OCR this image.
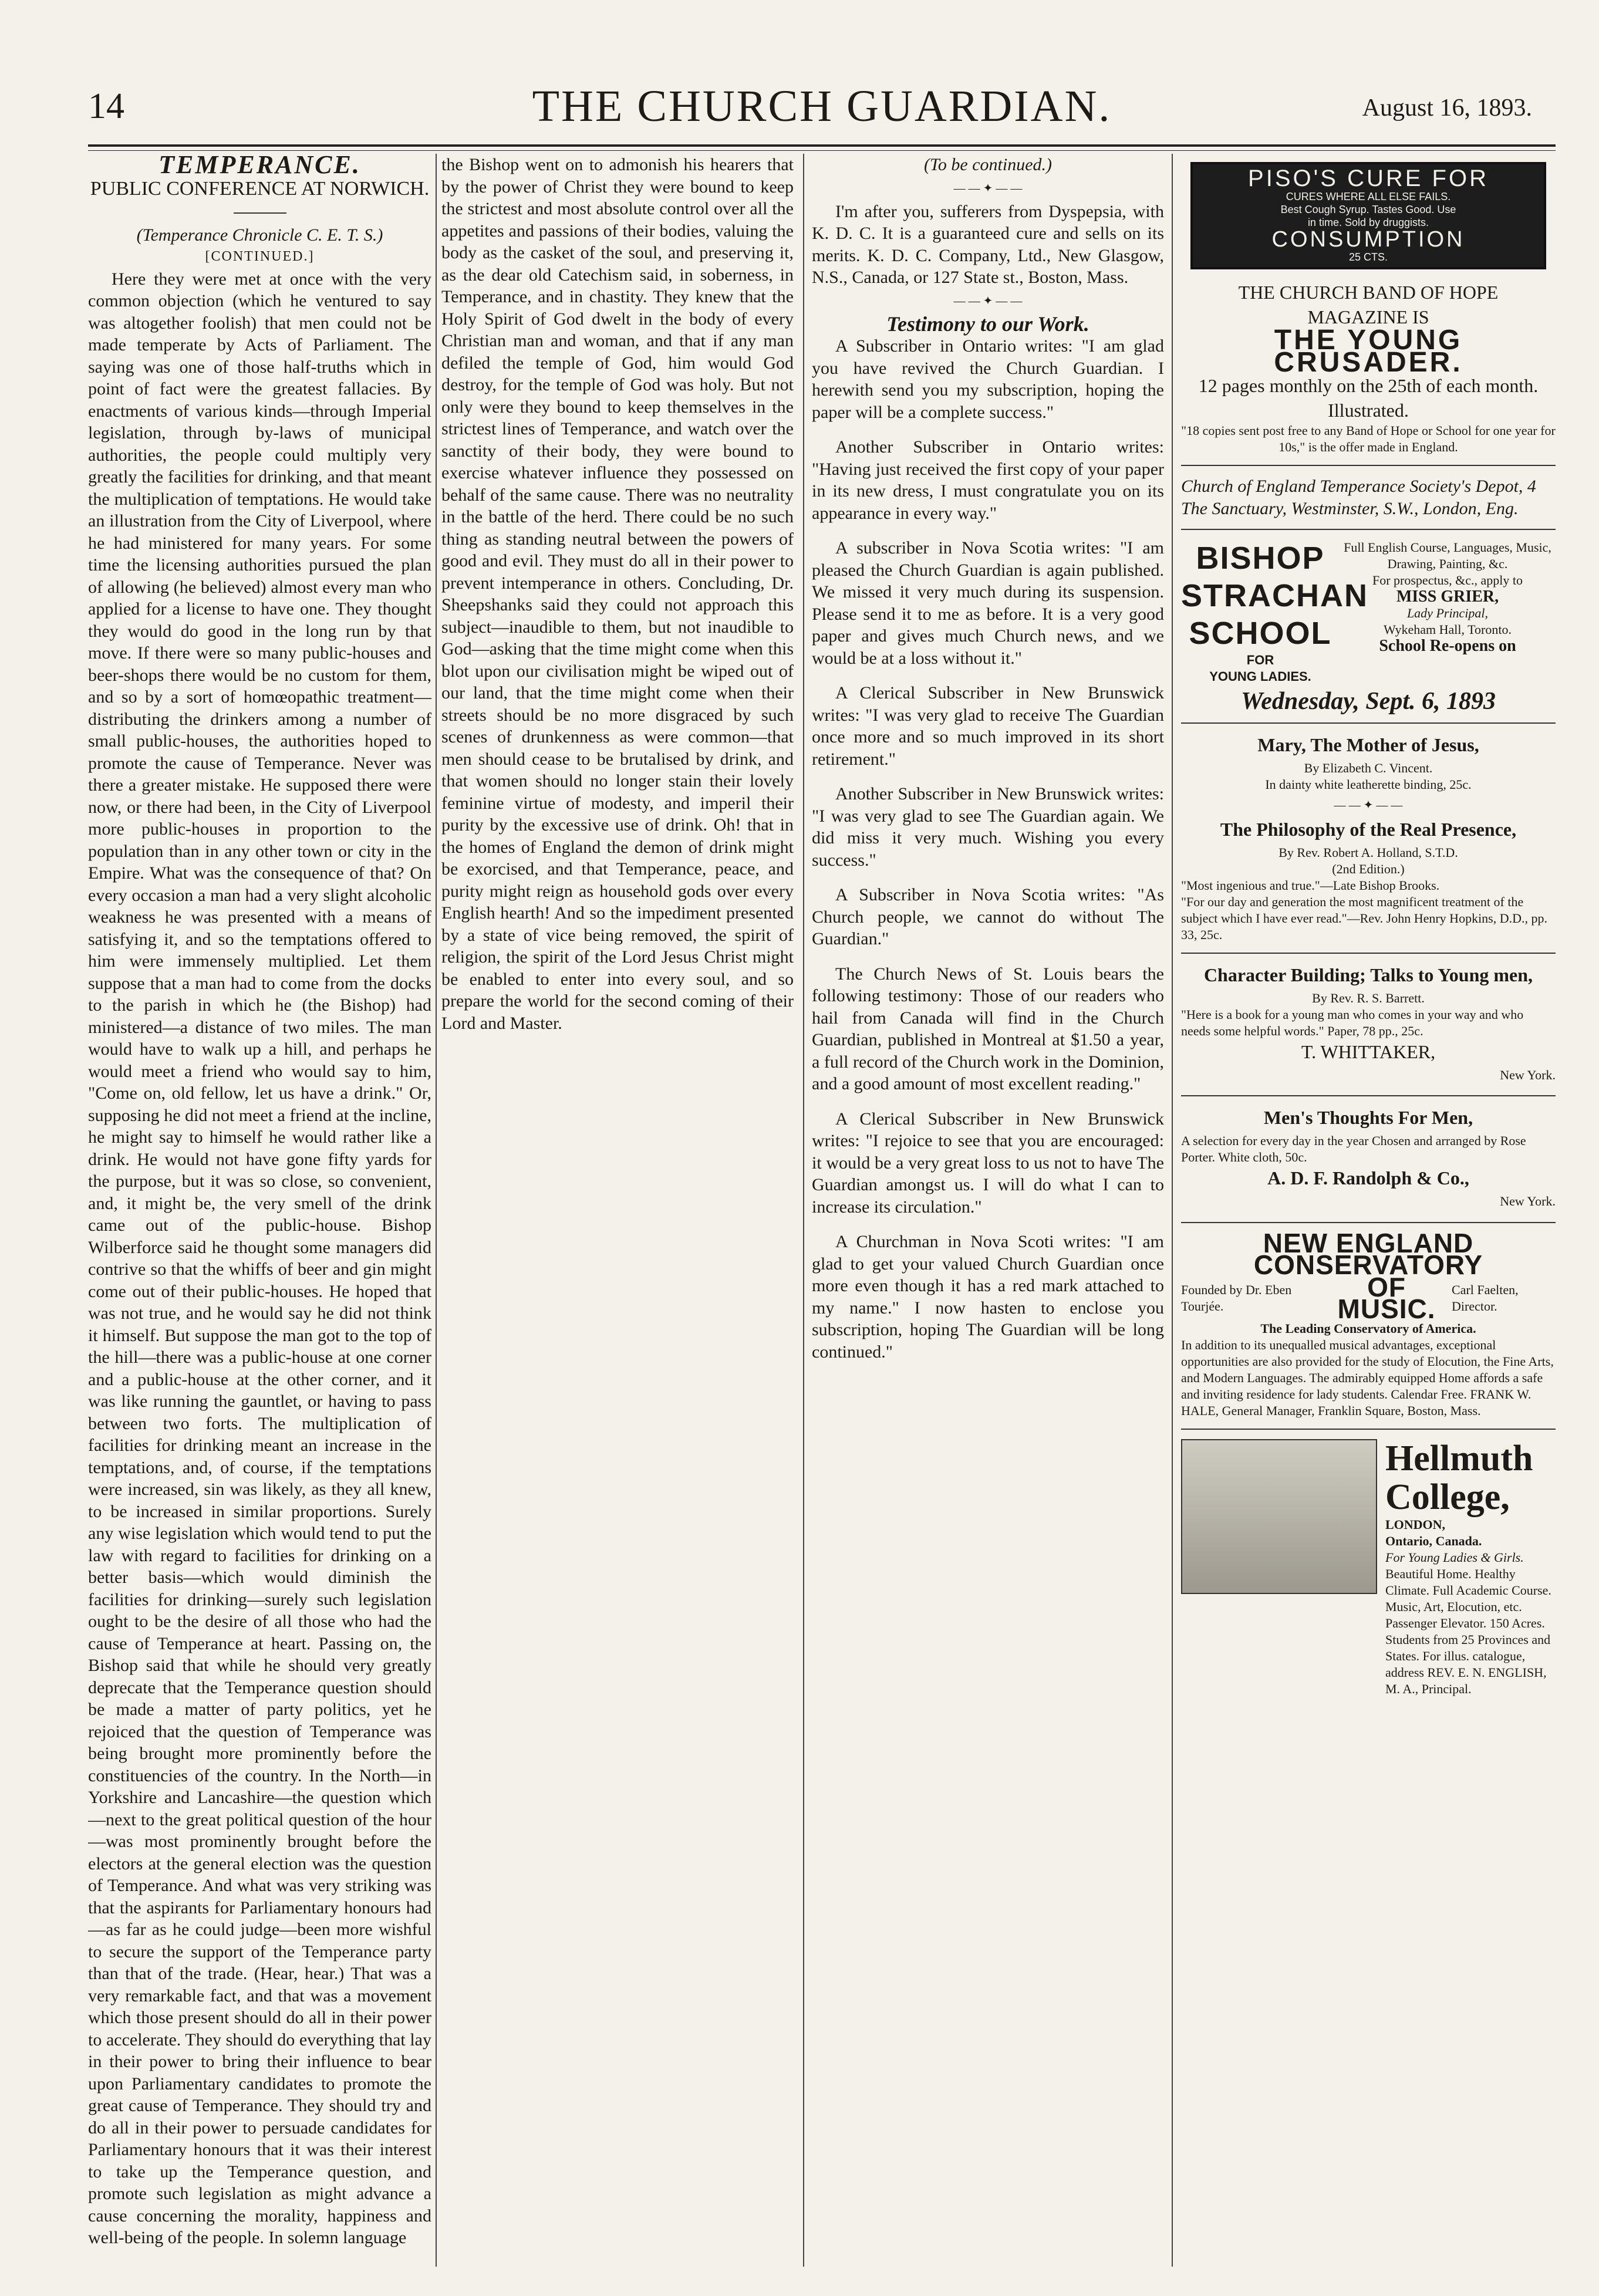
14	THE CHURCH GUARDIAN.	August 16, 1893.

TEMPERANCE.

PUBLIC CONFERENCE AT NORWICH.

(Temperance Chronicle C. E. T. S.)

[CONTINUED.]

Here they were met at once with the very common objection (which he ventured to say was altogether foolish) that men could not be made temperate by Acts of Parliament. The saying was one of those half-truths which in point of fact were the greatest fallacies. By enactments of various kinds—through Imperial legislation, through by-laws of municipal authorities, the people could multiply very greatly the facilities for drinking, and that meant the multiplication of temptations. He would take an illustration from the City of Liverpool, where he had ministered for many years. For some time the licensing authorities pursued the plan of allowing (he believed) almost every man who applied for a license to have one. They thought they would do good in the long run by that move. If there were so many public-houses and beer-shops there would be no custom for them, and so by a sort of homœopathic treatment—distributing the drinkers among a number of small public-houses, the authorities hoped to promote the cause of Temperance. Never was there a greater mistake. He supposed there were now, or there had been, in the City of Liverpool more public-houses in proportion to the population than in any other town or city in the Empire. What was the consequence of that? On every occasion a man had a very slight alcoholic weakness he was presented with a means of satisfying it, and so the temptations offered to him were immensely multiplied. Let them suppose that a man had to come from the docks to the parish in which he (the Bishop) had ministered—a distance of two miles. The man would have to walk up a hill, and perhaps he would meet a friend who would say to him, "Come on, old fellow, let us have a drink." Or, supposing he did not meet a friend at the incline, he might say to himself he would rather like a drink. He would not have gone fifty yards for the purpose, but it was so close, so convenient, and, it might be, the very smell of the drink came out of the public-house. Bishop Wilberforce said he thought some managers did contrive so that the whiffs of beer and gin might come out of their public-houses. He hoped that was not true, and he would say he did not think it himself. But suppose the man got to the top of the hill—there was a public-house at one corner and a public-house at the other corner, and it was like running the gauntlet, or having to pass between two forts. The multiplication of facilities for drinking meant an increase in the temptations, and, of course, if the temptations were increased, sin was likely, as they all knew, to be increased in similar proportions. Surely any wise legislation which would tend to put the law with regard to facilities for drinking on a better basis—which would diminish the facilities for drinking—surely such legislation ought to be the desire of all those who had the cause of Temperance at heart. Passing on, the Bishop said that while he should very greatly deprecate that the Temperance question should be made a matter of party politics, yet he rejoiced that the question of Temperance was being brought more prominently before the constituencies of the country. In the North—in Yorkshire and Lancashire—the question which—next to the great political question of the hour—was most prominently brought before the electors at the general election was the question of Temperance. And what was very striking was that the aspirants for Parliamentary honours had—as far as he could judge—been more wishful to secure the support of the Temperance party than that of the trade. (Hear, hear.) That was a very remarkable fact, and that was a movement which those present should do all in their power to accelerate. They should do everything that lay in their power to bring their influence to bear upon Parliamentary candidates to promote the great cause of Temperance. They should try and do all in their power to persuade candidates for Parliamentary honours that it was their interest to take up the Temperance question, and promote such legislation as might advance a cause concerning the morality, happiness and well-being of the people. In solemn language

the Bishop went on to admonish his hearers that by the power of Christ they were bound to keep the strictest and most absolute control over all the appetites and passions of their bodies, valuing the body as the casket of the soul, and preserving it, as the dear old Catechism said, in soberness, in Temperance, and in chastity. They knew that the Holy Spirit of God dwelt in the body of every Christian man and woman, and that if any man defiled the temple of God, him would God destroy, for the temple of God was holy. But not only were they bound to keep themselves in the strictest lines of Temperance, and watch over the sanctity of their body, they were bound to exercise whatever influence they possessed on behalf of the same cause. There was no neutrality in the battle of the herd. There could be no such thing as standing neutral between the powers of good and evil. They must do all in their power to prevent intemperance in others. Concluding, Dr. Sheepshanks said they could not approach this subject—inaudible to them, but not inaudible to God—asking that the time might come when this blot upon our civilisation might be wiped out of our land, that the time might come when their streets should be no more disgraced by such scenes of drunkenness as were common—that men should cease to be brutalised by drink, and that women should no longer stain their lovely feminine virtue of modesty, and imperil their purity by the excessive use of drink. Oh! that in the homes of England the demon of drink might be exorcised, and that Temperance, peace, and purity might reign as household gods over every English hearth! And so the impediment presented by a state of vice being removed, the spirit of religion, the spirit of the Lord Jesus Christ might be enabled to enter into every soul, and so prepare the world for the second coming of their Lord and Master.

(To be continued.)

— — ✦ — —

I'm after you, sufferers from Dyspepsia, with K. D. C. It is a guaranteed cure and sells on its merits. K. D. C. Company, Ltd., New Glasgow, N.S., Canada, or 127 State st., Boston, Mass.

— — ✦ — —

Testimony to our Work.

A Subscriber in Ontario writes: "I am glad you have revived the Church Guardian. I herewith send you my subscription, hoping the paper will be a complete success."

Another Subscriber in Ontario writes: "Having just received the first copy of your paper in its new dress, I must congratulate you on its appearance in every way."

A subscriber in Nova Scotia writes: "I am pleased the Church Guardian is again published. We missed it very much during its suspension. Please send it to me as before. It is a very good paper and gives much Church news, and we would be at a loss without it."

A Clerical Subscriber in New Brunswick writes: "I was very glad to receive The Guardian once more and so much improved in its short retirement."

Another Subscriber in New Brunswick writes: "I was very glad to see The Guardian again. We did miss it very much. Wishing you every success."

A Subscriber in Nova Scotia writes: "As Church people, we cannot do without The Guardian."

The Church News of St. Louis bears the following testimony: Those of our readers who hail from Canada will find in the Church Guardian, published in Montreal at $1.50 a year, a full record of the Church work in the Dominion, and a good amount of most excellent reading."

A Clerical Subscriber in New Brunswick writes: "I rejoice to see that you are encouraged: it would be a very great loss to us not to have The Guardian amongst us. I will do what I can to increase its circulation."

A Churchman in Nova Scoti writes: "I am glad to get your valued Church Guardian once more even though it has a red mark attached to my name." I now hasten to enclose you subscription, hoping The Guardian will be long continued."

PISO'S CURE FOR
CURES WHERE ALL ELSE FAILS.
Best Cough Syrup. Tastes Good. Use
in time. Sold by druggists.
CONSUMPTION
25 CTS.
THE CHURCH BAND OF HOPE
MAGAZINE IS
THE YOUNG CRUSADER.
12 pages monthly on the 25th of each month. Illustrated.
"18 copies sent post free to any Band of Hope or School for one year for 10s," is the offer made in England.
Church of England Temperance Society's Depot, 4 The Sanctuary, Westminster, S.W., London, Eng.
BISHOP
STRACHAN
SCHOOL
FOR
YOUNG LADIES.
Full English Course, Languages, Music, Drawing, Painting, &c.
For prospectus, &c., apply to
MISS GRIER,
Lady Principal,
Wykeham Hall, Toronto.
School Re-opens on
Wednesday, Sept. 6, 1893
Mary, The Mother of Jesus,
By Elizabeth C. Vincent.
In dainty white leatherette binding, 25c.
— — ✦ — —
The Philosophy of the Real Presence,
By Rev. Robert A. Holland, S.T.D.
(2nd Edition.)
"Most ingenious and true."—Late Bishop Brooks.
"For our day and generation the most magnificent treatment of the subject which I have ever read."—Rev. John Henry Hopkins, D.D., pp. 33, 25c.
Character Building; Talks to Young men,
By Rev. R. S. Barrett.
"Here is a book for a young man who comes in your way and who needs some helpful words." Paper, 78 pp., 25c.
T. WHITTAKER,
New York.
Men's Thoughts For Men,
A selection for every day in the year Chosen and arranged by Rose Porter. White cloth, 50c.
A. D. F. Randolph & Co.,
New York.
NEW ENGLAND CONSERVATORY
Founded by Dr. Eben Tourjée.
OF MUSIC.
Carl Faelten, Director.
The Leading Conservatory of America.
In addition to its unequalled musical advantages, exceptional opportunities are also provided for the study of Elocution, the Fine Arts, and Modern Languages. The admirably equipped Home affords a safe and inviting residence for lady students. Calendar Free. FRANK W. HALE, General Manager, Franklin Square, Boston, Mass.
Hellmuth College,
LONDON,
Ontario, Canada.
For Young Ladies & Girls.
Beautiful Home. Healthy Climate. Full Academic Course. Music, Art, Elocution, etc. Passenger Elevator. 150 Acres. Students from 25 Provinces and States. For illus. catalogue, address REV. E. N. ENGLISH, M. A., Principal.
